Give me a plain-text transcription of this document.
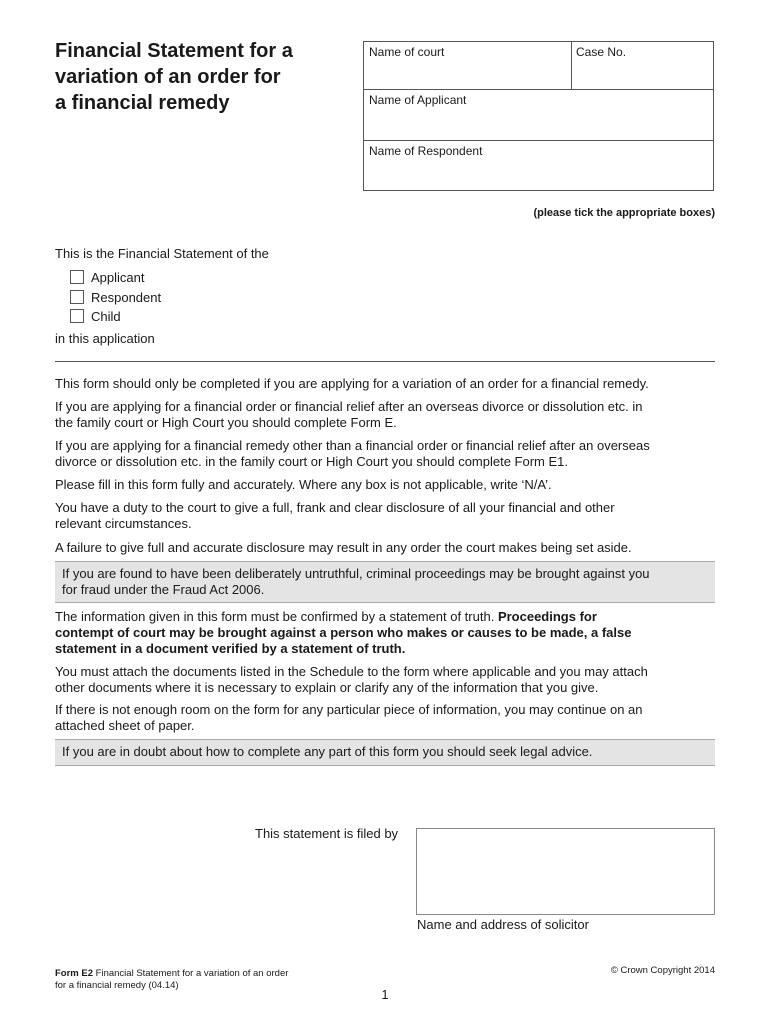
Financial Statement for a
variation of an order for
a financial remedy
Name of court	Case No.
Name of Applicant
Name of Respondent
(please tick the appropriate boxes)
This is the Financial Statement of the
Applicant
Respondent
Child
in this application
This form should only be completed if you are applying for a variation of an order for a financial remedy.
If you are applying for a financial order or financial relief after an overseas divorce or dissolution etc. in
the family court or High Court you should complete Form E.
If you are applying for a financial remedy other than a financial order or financial relief after an overseas
divorce or dissolution etc. in the family court or High Court you should complete Form E1.
Please fill in this form fully and accurately. Where any box is not applicable, write ‘N/A’.
You have a duty to the court to give a full, frank and clear disclosure of all your financial and other
relevant circumstances.
A failure to give full and accurate disclosure may result in any order the court makes being set aside.
If you are found to have been deliberately untruthful, criminal proceedings may be brought against you
for fraud under the Fraud Act 2006.
The information given in this form must be confirmed by a statement of truth. Proceedings for
contempt of court may be brought against a person who makes or causes to be made, a false
statement in a document verified by a statement of truth.
You must attach the documents listed in the Schedule to the form where applicable and you may attach
other documents where it is necessary to explain or clarify any of the information that you give.
If there is not enough room on the form for any particular piece of information, you may continue on an
attached sheet of paper.
If you are in doubt about how to complete any part of this form you should seek legal advice.
This statement is filed by
Name and address of solicitor
Form E2 Financial Statement for a variation of an order
for a financial remedy (04.14)
© Crown Copyright 2014
1
